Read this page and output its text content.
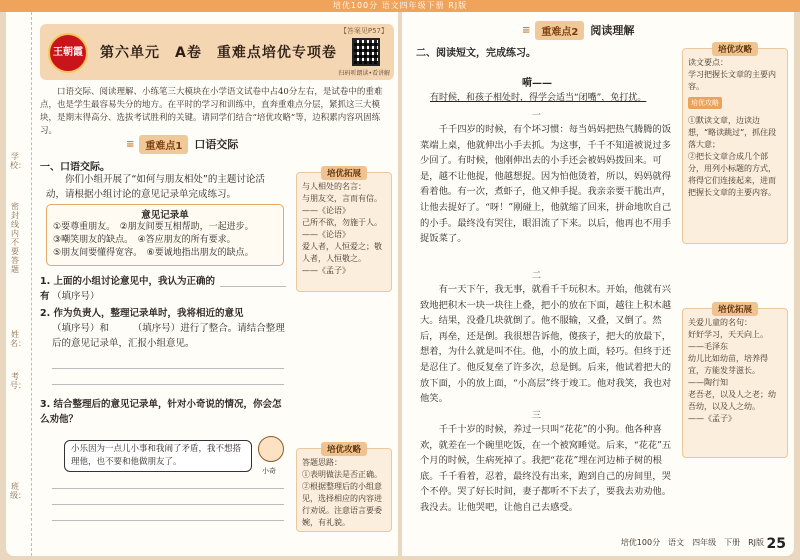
培优100分 语文四年级下册 RJ版
学校：
密封线内不要答题
姓名：
考号：
班级：
王朝霞	第六单元　A卷　重难点培优专项卷
【答案见P57】
扫码听朗读•看讲解
口语交际、阅读理解、小练笔三大模块在小学语文试卷中占40分左右，是试卷中的重难点，也是学生最容易失分的地方。在平时的学习和训练中，直奔重难点分层，紧抓这三大模块，是期末得高分、选拔考试胜利的关键。请同学们结合“培优攻略”等，边积累内容巩固练习。
≡	重难点1	口语交际
一、口语交际。
你们小组开展了“如何与朋友相处”的主题讨论活动，请根据小组讨论的意见记录单完成练习。
意见记录单
①要尊重朋友。　②朋友间要互相帮助，一起进步。
③嘲笑朋友的缺点。　④答应朋友的所有要求。
⑤朋友间要懂得宽容。　⑥要诚地指出朋友的缺点。
1. 上面的小组讨论意见中，我认为正确的有 （填序号）
2. 作为负责人，整理记录单时，我将相近的意见
（填序号）和　　　（填序号）进行了整合。请结合整理后的意见记录单，汇报小组意见。
3. 结合整理后的意见记录单，针对小奇说的情况，你会怎么劝他？
小乐因为一点儿小事和我闹了矛盾，我不想搭理他，也不要和他做朋友了。
小奇
培优拓展
与人相处的名言：
与朋友交，言而有信。
——《论语》
己所不欲，勿施于人。
——《论语》
爱人者，人恒爱之；敬人者，人恒敬之。
——《孟子》
培优攻略
答题思路：
①表明做法是否正确。
②根据整理后的小组意见，选择相应的内容进行劝说。注意语言要委婉，有礼貌。
≡	重难点2	阅读理解
二、阅读短文，完成练习。
嗬——
有时候，和孩子相处时，得学会适当“闭嘴”，免打扰。
一
千千四岁的时候，有个坏习惯：每当妈妈把热气腾腾的饭菜端上桌，他就伸出小手去抓。为这事，千千不知道被说过多少回了。有时候，他刚伸出去的小手还会被妈妈拨回来。可是，越不让他捉，他越想捉。因为怕他烫着，所以，妈妈就得看着他。有一次，煮虾子，他又伸手捉。我亲亲要干脆出声，让他去捉好了。“呀！”刚碰上，他就缩了回来，拼命地吹自己的小手。最终没有哭往，眼泪流了下来。以后，他再也不用手捉饭菜了。
二
有一天下午，我无事，就看千千玩积木。开始，他就有兴致地把积木一块一块往上叠，把小的放在下面，越往上积木越大。结果，没叠几块就倒了。他不服输，又叠，又倒了。然后，再垒，还是倒。我很想告诉他，傻孩子，把大的放最下，想着，为什么就是叫不住。他，小的放上面，轻巧。但终于还是忍住了。他反复垒了许多次，总是倒。后来，他试着把大的放下面，小的放上面，“小高层”终于竣工。他对我笑，我也对他笑。
三
千千十岁的时候，养过一只叫“花花”的小狗。他各种喜欢，就差在一个碗里吃饭，在一个被窝睡觉。后来，“花花”五个月的时候，生病死掉了。我把“花花”埋在河边柿子树的根底。千千看着，忍着，最终没有出来，跑到自己的房间里，哭个不停。哭了好长时间，妻子都听不下去了，要我去劝劝他。我没去。让他哭吧，让他自己去感受。
培优攻略
读文要点：
学习把握长文章的主要内容。
培优攻略
①默读文章，边读边想，“略读跳过”，抓住段落大意；
②把长文章合成几个部分，用列小标题的方式，将得它们连接起来，进而把握长文章的主要内容。
培优拓展
关爱儿童的名句：
好好学习，天天向上。
——毛泽东
幼儿比如幼苗，培养得宜，方能发芽滋长。
——陶行知
老吾老，以及人之老；幼吾幼，以及人之幼。
——《孟子》
培优100分　语文　四年级　下册　RJ版 25
